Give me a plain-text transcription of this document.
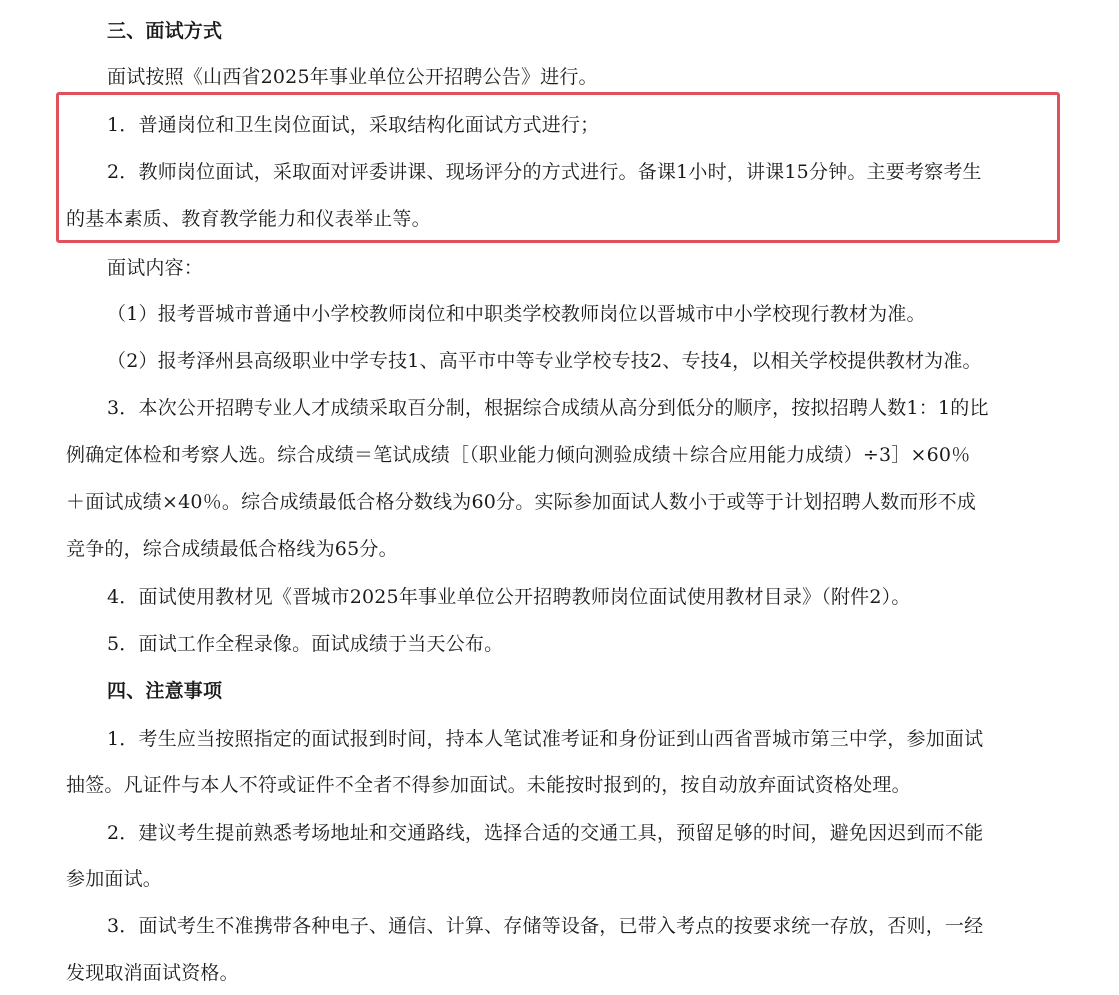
三、面试方式
面试按照《山西省2025年事业单位公开招聘公告》进行。
1．普通岗位和卫生岗位面试，采取结构化面试方式进行；
2．教师岗位面试，采取面对评委讲课、现场评分的方式进行。备课1小时，讲课15分钟。主要考察考生
的基本素质、教育教学能力和仪表举止等。
面试内容：
（1）报考晋城市普通中小学校教师岗位和中职类学校教师岗位以晋城市中小学校现行教材为准。
（2）报考泽州县高级职业中学专技1、高平市中等专业学校专技2、专技4，以相关学校提供教材为准。
3．本次公开招聘专业人才成绩采取百分制，根据综合成绩从高分到低分的顺序，按拟招聘人数1：1的比
例确定体检和考察人选。综合成绩＝笔试成绩［（职业能力倾向测验成绩＋综合应用能力成绩）÷3］×60％
＋面试成绩×40％。综合成绩最低合格分数线为60分。实际参加面试人数小于或等于计划招聘人数而形不成
竞争的，综合成绩最低合格线为65分。
4．面试使用教材见《晋城市2025年事业单位公开招聘教师岗位面试使用教材目录》（附件2）。
5．面试工作全程录像。面试成绩于当天公布。
四、注意事项
1．考生应当按照指定的面试报到时间，持本人笔试准考证和身份证到山西省晋城市第三中学，参加面试
抽签。凡证件与本人不符或证件不全者不得参加面试。未能按时报到的，按自动放弃面试资格处理。
2．建议考生提前熟悉考场地址和交通路线，选择合适的交通工具，预留足够的时间，避免因迟到而不能
参加面试。
3．面试考生不准携带各种电子、通信、计算、存储等设备，已带入考点的按要求统一存放，否则，一经
发现取消面试资格。
